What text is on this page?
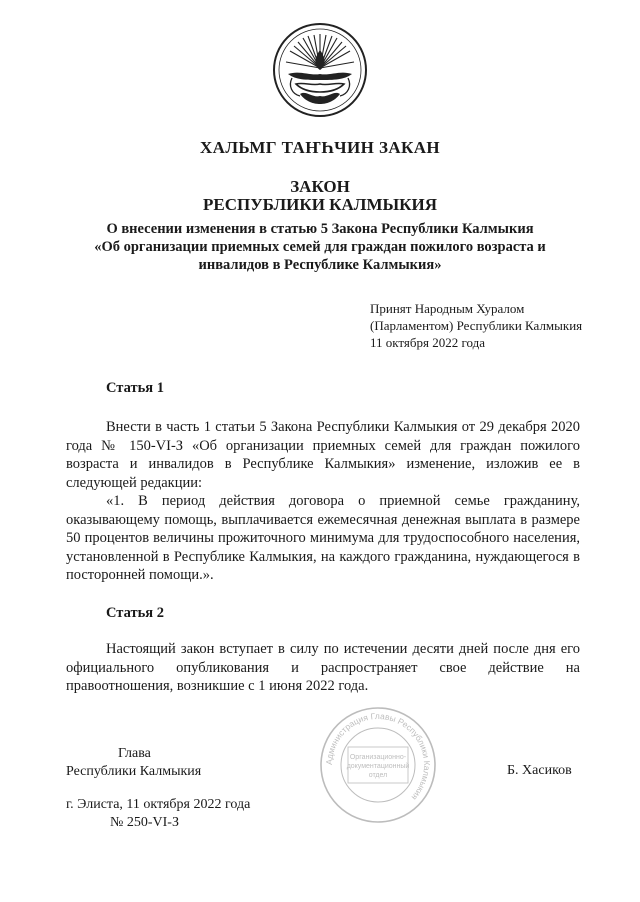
ХАЛЬМГ ТАҤҺЧИН ЗАКАН
ЗАКОН
РЕСПУБЛИКИ КАЛМЫКИЯ
О внесении изменения в статью 5 Закона Республики Калмыкия
«Об организации приемных семей для граждан пожилого возраста и
инвалидов в Республике Калмыкия»
Принят Народным Хуралом
(Парламентом) Республики Калмыкия
11 октября 2022 года
Статья 1

Внести в часть 1 статьи 5 Закона Республики Калмыкия от 29 декабря 2020 года № 150-VI-З «Об организации приемных семей для граждан пожилого возраста и инвалидов в Республике Калмыкия» изменение, изложив ее в следующей редакции:

«1. В период действия договора о приемной семье гражданину, оказывающему помощь, выплачивается ежемесячная денежная выплата в размере 50 процентов величины прожиточного минимума для трудоспособного населения, установленной в Республике Калмыкия, на каждого гражданина, нуждающегося в посторонней помощи.».

Статья 2

Настоящий закон вступает в силу по истечении десяти дней после дня его официального опубликования и распространяет свое действие на правоотношения, возникшие с 1 июня 2022 года.

Администрация Главы Республики Калмыкия
Организационно-
документационный
отдел
Глава
Республики Калмыкия	Б. Хасиков
г. Элиста, 11 октября 2022 года
№ 250-VI-З
